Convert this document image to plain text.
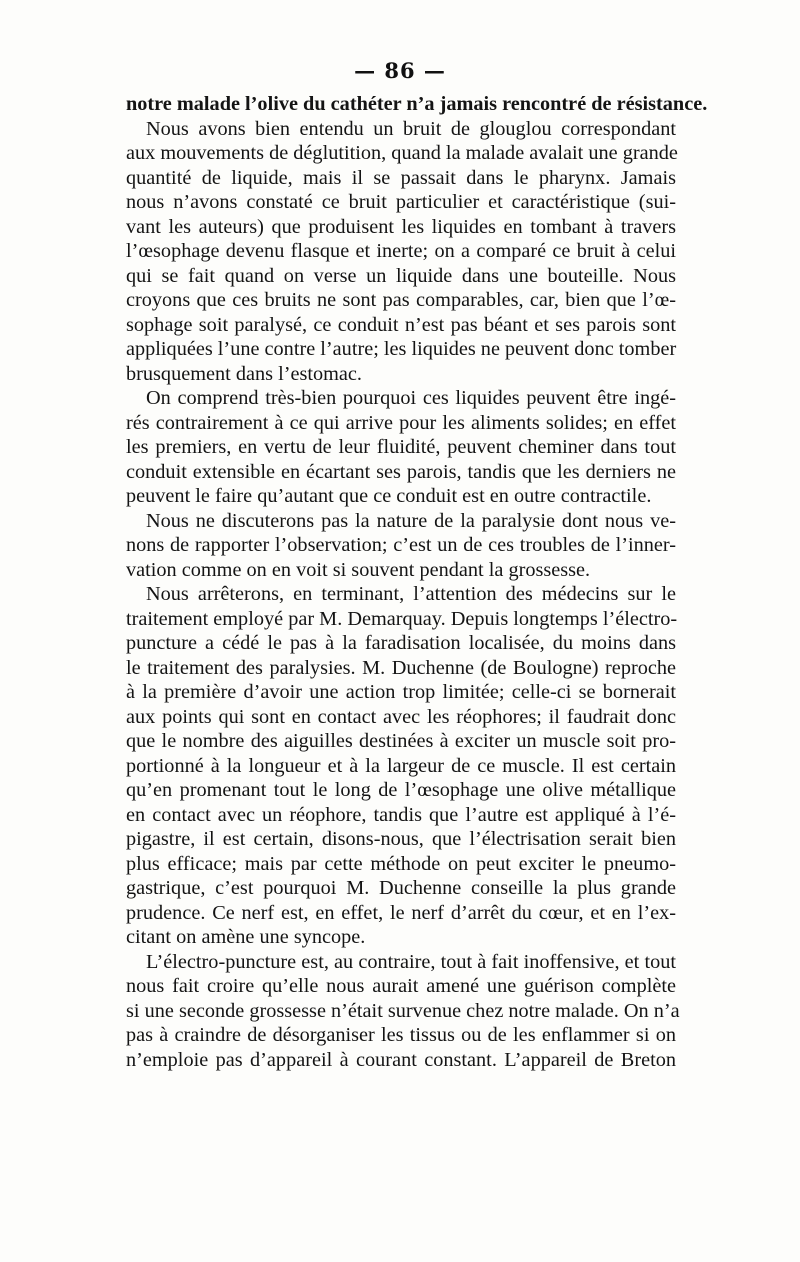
— 86 —
notre malade l’olive du cathéter n’a jamais rencontré de résistance.
Nous avons bien entendu un bruit de glouglou correspondant
aux mouvements de déglutition, quand la malade avalait une grande
quantité de liquide, mais il se passait dans le pharynx. Jamais
nous n’avons constaté ce bruit particulier et caractéristique (sui-
vant les auteurs) que produisent les liquides en tombant à travers
l’œsophage devenu flasque et inerte; on a comparé ce bruit à celui
qui se fait quand on verse un liquide dans une bouteille. Nous
croyons que ces bruits ne sont pas comparables, car, bien que l’œ-
sophage soit paralysé, ce conduit n’est pas béant et ses parois sont
appliquées l’une contre l’autre; les liquides ne peuvent donc tomber
brusquement dans l’estomac.
On comprend très-bien pourquoi ces liquides peuvent être ingé-
rés contrairement à ce qui arrive pour les aliments solides; en effet
les premiers, en vertu de leur fluidité, peuvent cheminer dans tout
conduit extensible en écartant ses parois, tandis que les derniers ne
peuvent le faire qu’autant que ce conduit est en outre contractile.
Nous ne discuterons pas la nature de la paralysie dont nous ve-
nons de rapporter l’observation; c’est un de ces troubles de l’inner-
vation comme on en voit si souvent pendant la grossesse.
Nous arrêterons, en terminant, l’attention des médecins sur le
traitement employé par M. Demarquay. Depuis longtemps l’électro-
puncture a cédé le pas à la faradisation localisée, du moins dans
le traitement des paralysies. M. Duchenne (de Boulogne) reproche
à la première d’avoir une action trop limitée; celle-ci se bornerait
aux points qui sont en contact avec les réophores; il faudrait donc
que le nombre des aiguilles destinées à exciter un muscle soit pro-
portionné à la longueur et à la largeur de ce muscle. Il est certain
qu’en promenant tout le long de l’œsophage une olive métallique
en contact avec un réophore, tandis que l’autre est appliqué à l’é-
pigastre, il est certain, disons-nous, que l’électrisation serait bien
plus efficace; mais par cette méthode on peut exciter le pneumo-
gastrique, c’est pourquoi M. Duchenne conseille la plus grande
prudence. Ce nerf est, en effet, le nerf d’arrêt du cœur, et en l’ex-
citant on amène une syncope.
L’électro-puncture est, au contraire, tout à fait inoffensive, et tout
nous fait croire qu’elle nous aurait amené une guérison complète
si une seconde grossesse n’était survenue chez notre malade. On n’a
pas à craindre de désorganiser les tissus ou de les enflammer si on
n’emploie pas d’appareil à courant constant. L’appareil de Breton
